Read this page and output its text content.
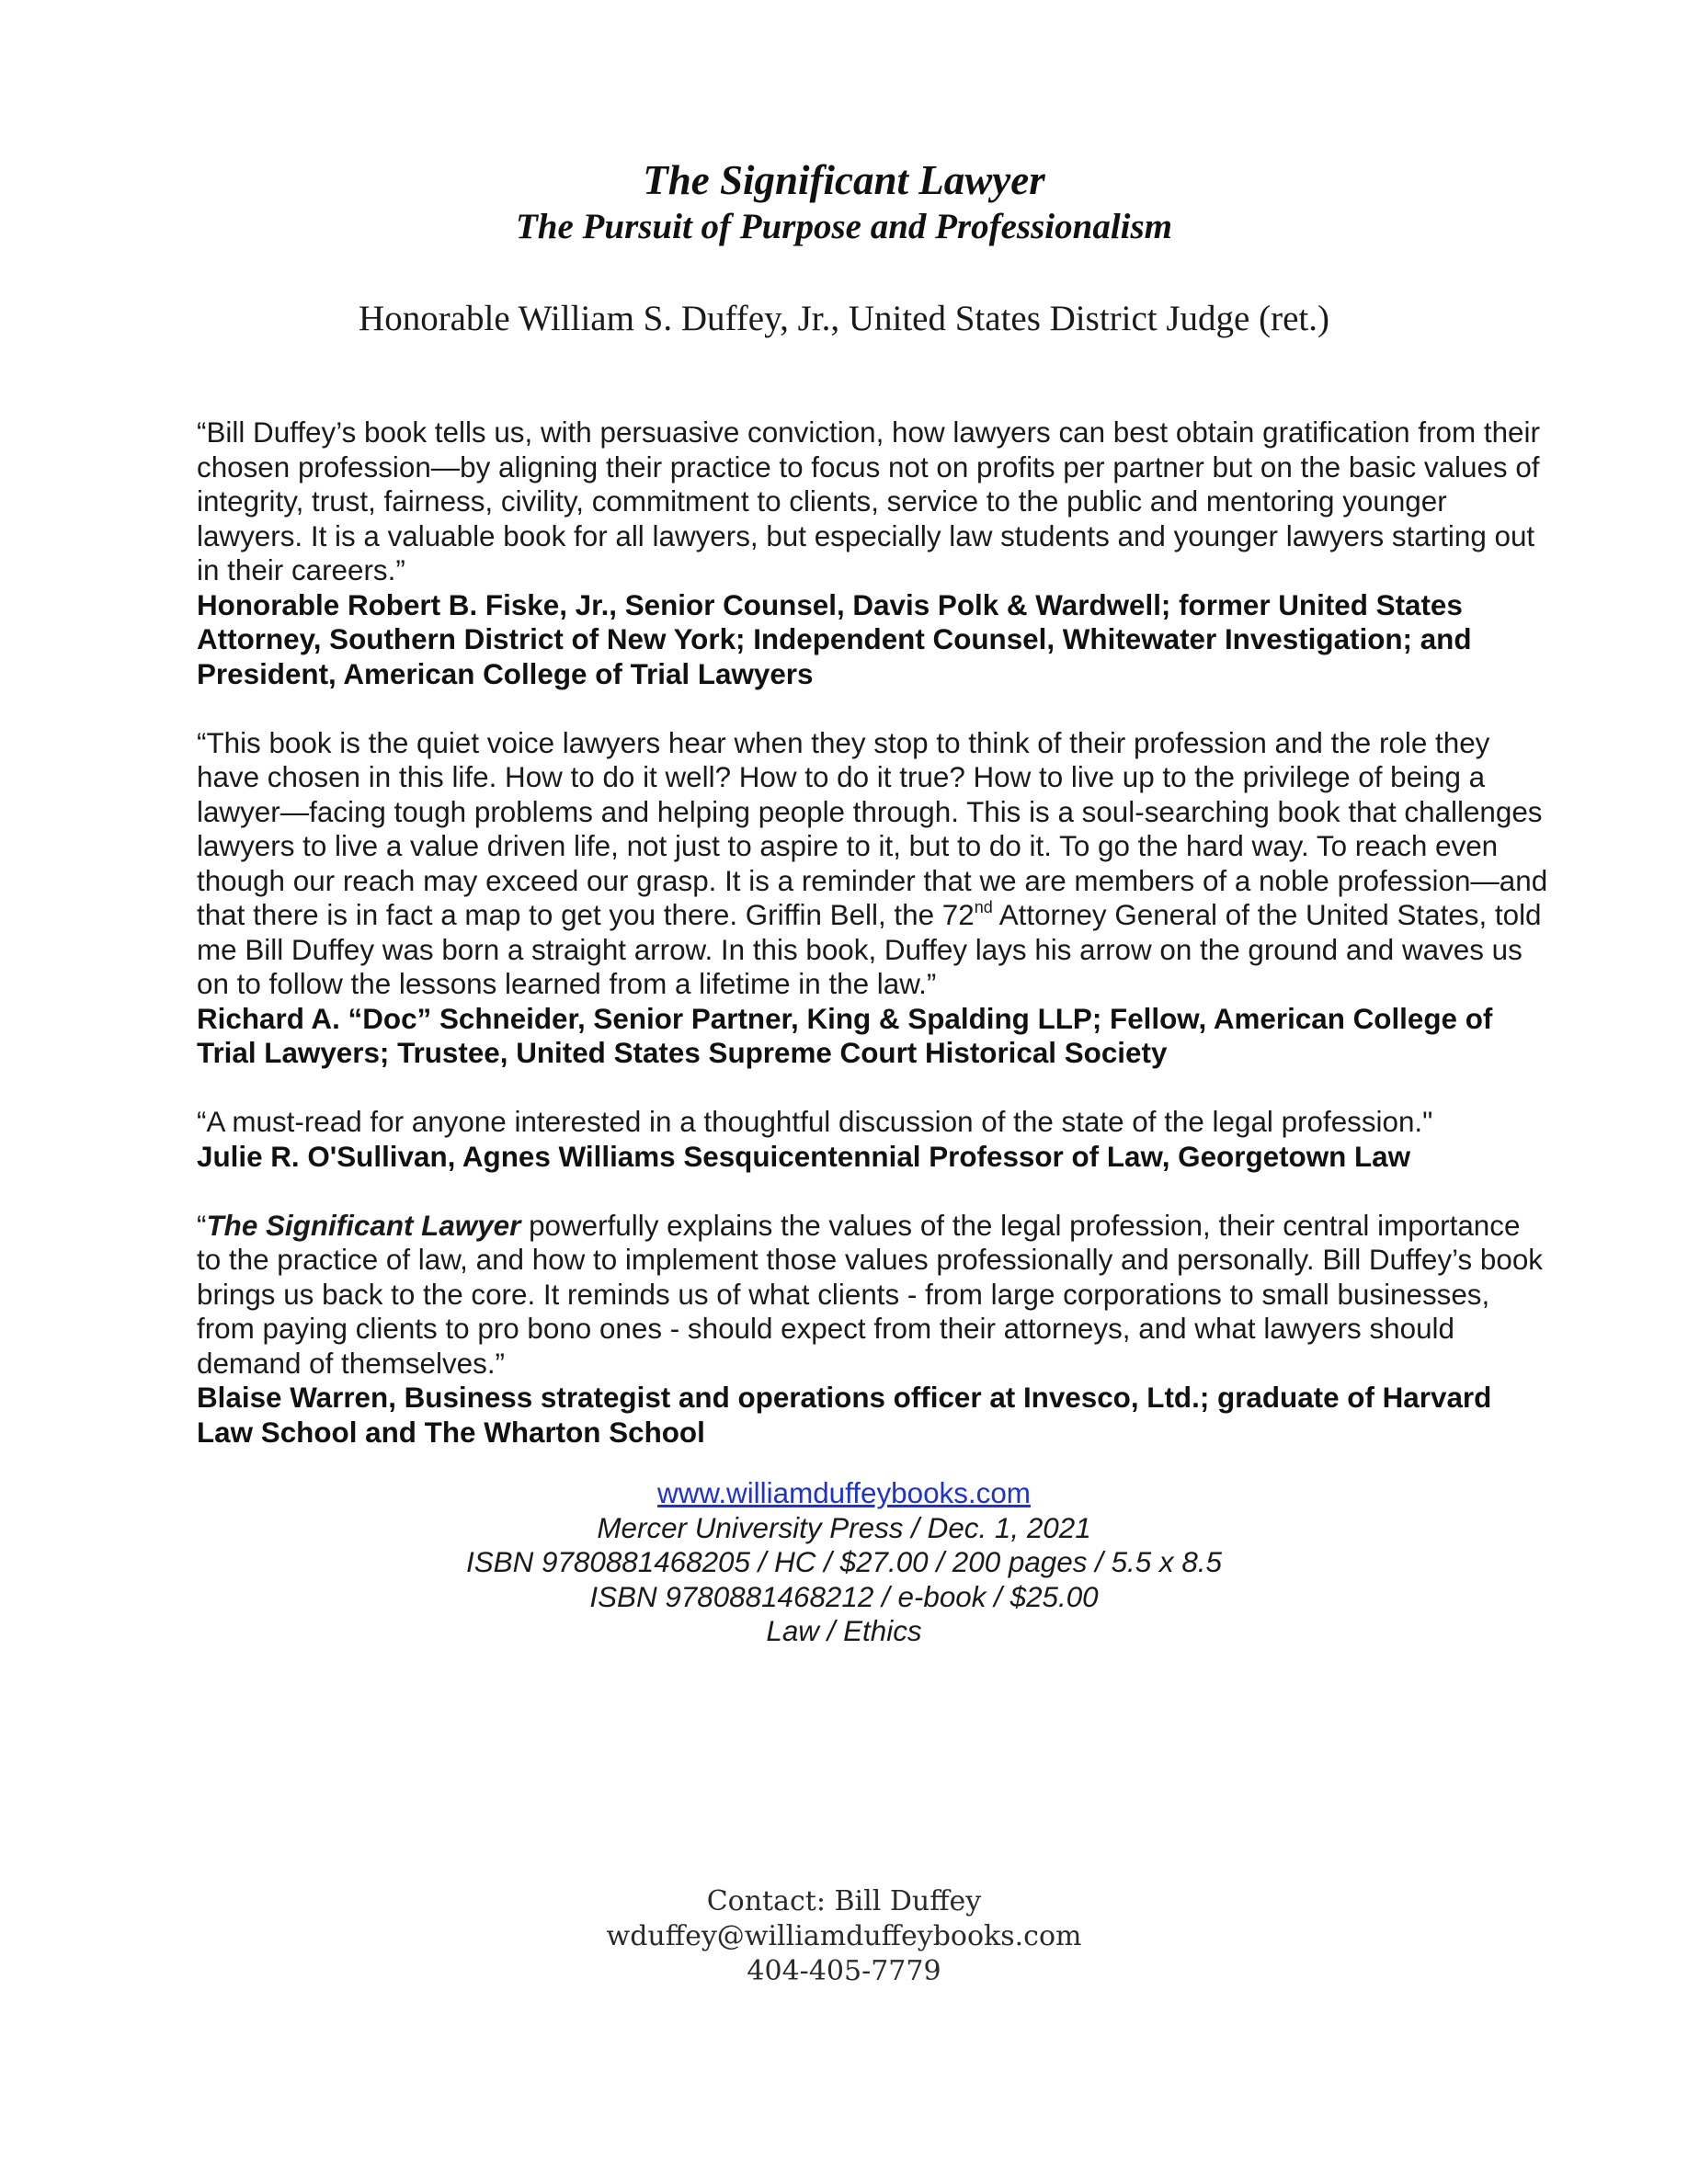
The Significant Lawyer
The Pursuit of Purpose and Professionalism
Honorable William S. Duffey, Jr., United States District Judge (ret.)

“Bill Duffey’s book tells us, with persuasive conviction, how lawyers can best obtain gratification from their chosen profession—by aligning their practice to focus not on profits per partner but on the basic values of integrity, trust, fairness, civility, commitment to clients, service to the public and mentoring younger lawyers. It is a valuable book for all lawyers, but especially law students and younger lawyers starting out in their careers.”

Honorable Robert B. Fiske, Jr., Senior Counsel, Davis Polk & Wardwell; former United States Attorney, Southern District of New York; Independent Counsel, Whitewater Investigation; and President, American College of Trial Lawyers

“This book is the quiet voice lawyers hear when they stop to think of their profession and the role they have chosen in this life. How to do it well? How to do it true? How to live up to the privilege of being a lawyer—facing tough problems and helping people through. This is a soul-searching book that challenges lawyers to live a value driven life, not just to aspire to it, but to do it. To go the hard way. To reach even though our reach may exceed our grasp. It is a reminder that we are members of a noble profession—and that there is in fact a map to get you there. Griffin Bell, the 72nd Attorney General of the United States, told me Bill Duffey was born a straight arrow. In this book, Duffey lays his arrow on the ground and waves us on to follow the lessons learned from a lifetime in the law.”

Richard A. “Doc” Schneider, Senior Partner, King & Spalding LLP; Fellow, American College of Trial Lawyers; Trustee, United States Supreme Court Historical Society

“A must-read for anyone interested in a thoughtful discussion of the state of the legal profession."

Julie R. O'Sullivan, Agnes Williams Sesquicentennial Professor of Law, Georgetown Law

“The Significant Lawyer powerfully explains the values of the legal profession, their central importance to the practice of law, and how to implement those values professionally and personally. Bill Duffey’s book brings us back to the core. It reminds us of what clients - from large corporations to small businesses, from paying clients to pro bono ones - should expect from their attorneys, and what lawyers should demand of themselves.”

Blaise Warren, Business strategist and operations officer at Invesco, Ltd.; graduate of Harvard Law School and The Wharton School

www.williamduffeybooks.com
Mercer University Press / Dec. 1, 2021
ISBN 9780881468205 / HC / $27.00 / 200 pages / 5.5 x 8.5
ISBN 9780881468212 / e-book / $25.00
Law / Ethics
Contact: Bill Duffey
wduffey@williamduffeybooks.com
404-405-7779
